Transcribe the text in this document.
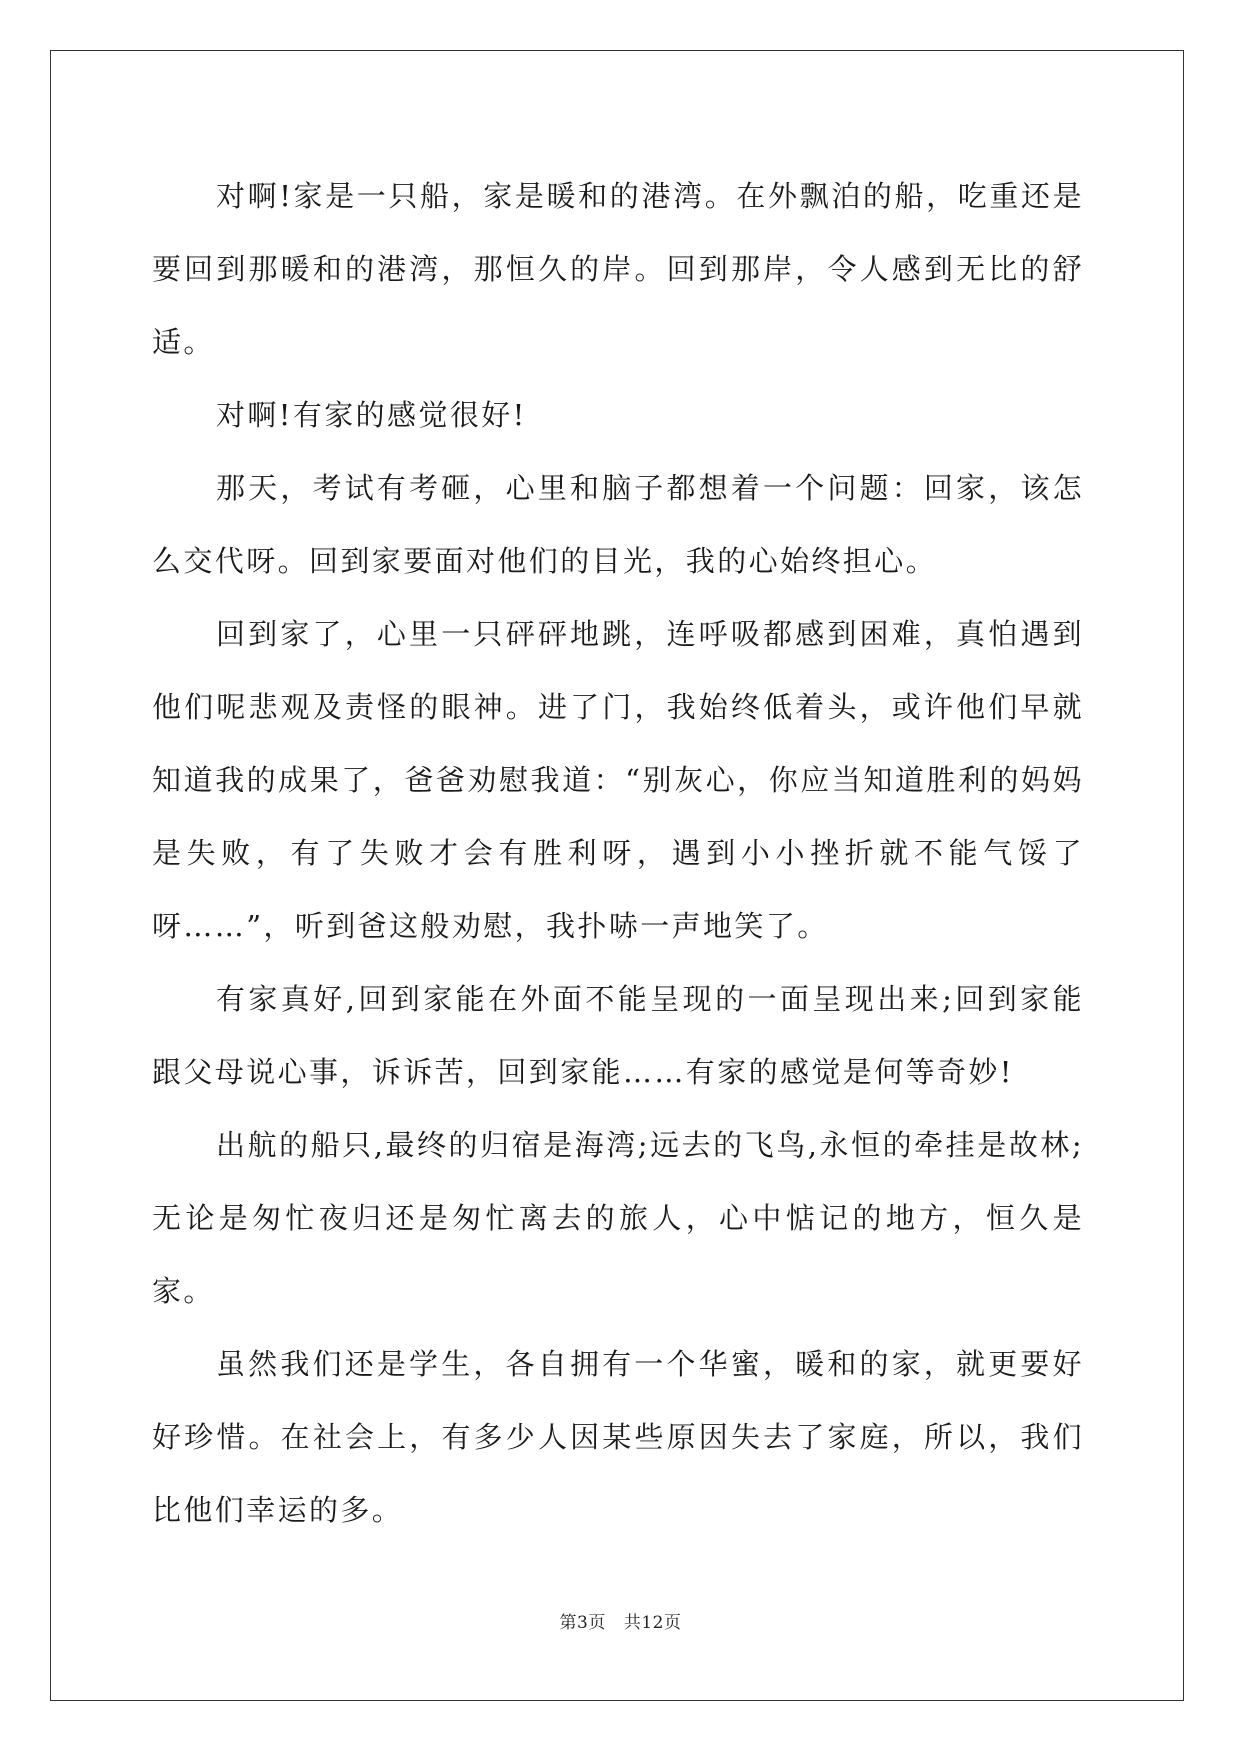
对啊!家是一只船，家是暖和的港湾。在外飘泊的船，吃重还是要回到那暖和的港湾，那恒久的岸。回到那岸，令人感到无比的舒适。

对啊!有家的感觉很好!

那天，考试有考砸，心里和脑子都想着一个问题：回家，该怎么交代呀。回到家要面对他们的目光，我的心始终担心。

回到家了，心里一只砰砰地跳，连呼吸都感到困难，真怕遇到他们呢悲观及责怪的眼神。进了门，我始终低着头，或许他们早就知道我的成果了，爸爸劝慰我道：“别灰心，你应当知道胜利的妈妈是失败，有了失败才会有胜利呀，遇到小小挫折就不能气馁了呀……”，听到爸这般劝慰，我扑哧一声地笑了。

有家真好,回到家能在外面不能呈现的一面呈现出来;回到家能跟父母说心事，诉诉苦，回到家能……有家的感觉是何等奇妙!

出航的船只,最终的归宿是海湾;远去的飞鸟,永恒的牵挂是故林;无论是匆忙夜归还是匆忙离去的旅人，心中惦记的地方，恒久是家。

虽然我们还是学生，各自拥有一个华蜜，暖和的家，就更要好好珍惜。在社会上，有多少人因某些原因失去了家庭，所以，我们比他们幸运的多。

第3页 共12页
